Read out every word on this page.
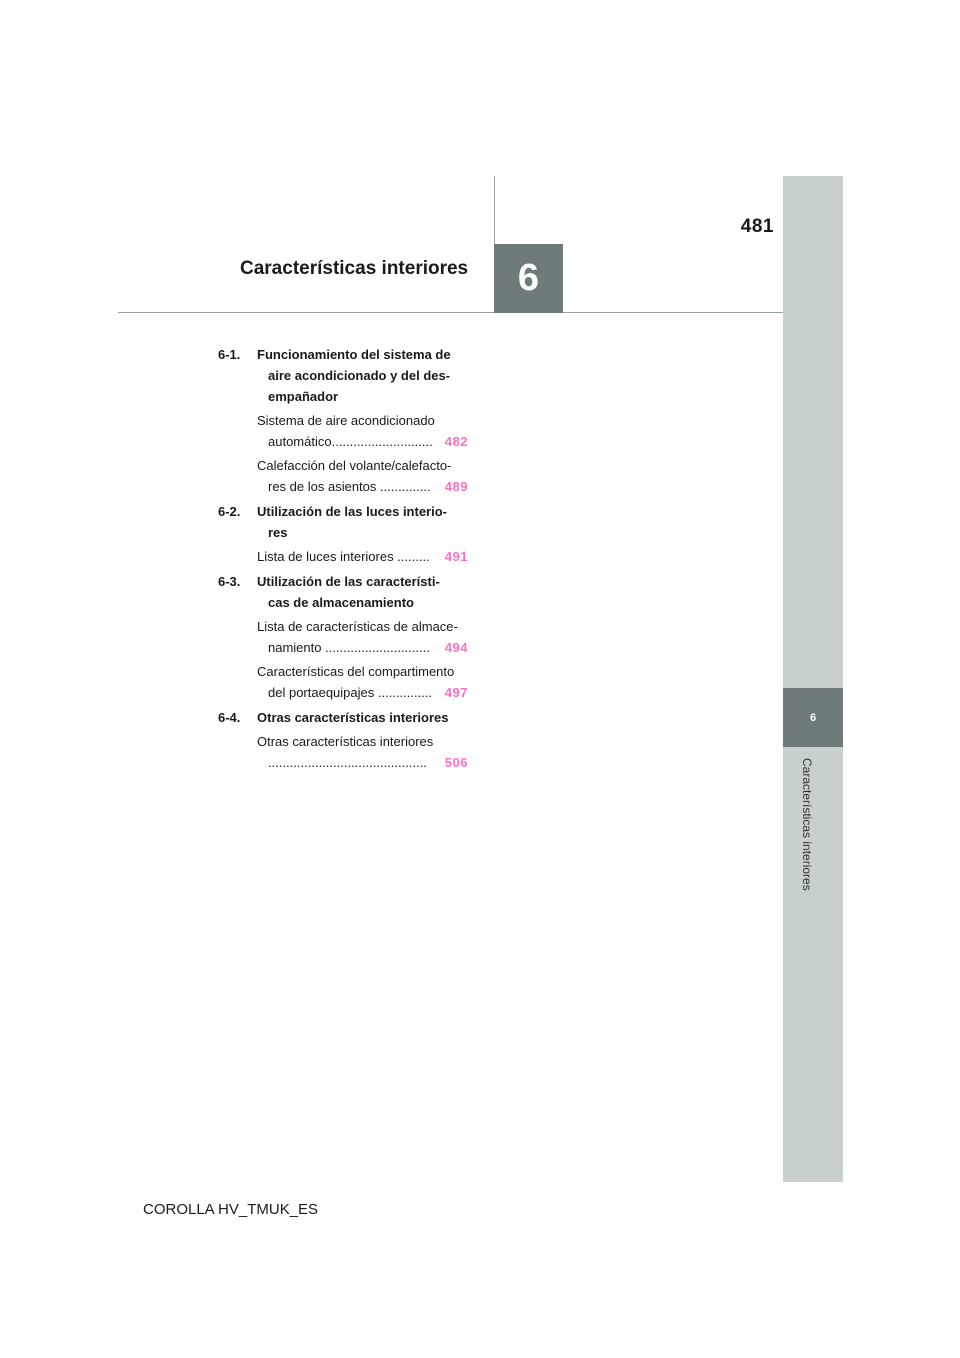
481
Características interiores	6
6
Características interiores
6-1.	Funcionamiento del sistema de
aire acondicionado y del des-
empañador
Sistema de aire acondicionado
automático............................ 482
Calefacción del volante/calefacto-
res de los asientos ..............	489
6-2.	Utilización de las luces interio-
res
Lista de luces interiores .........	491
6-3.	Utilización de las característi-
cas de almacenamiento
Lista de características de almace-
namiento .............................	494
Características del compartimento
del portaequipajes ............... 497
6-4.	Otras características interiores
Otras características interiores
............................................	506
COROLLA HV_TMUK_ES
